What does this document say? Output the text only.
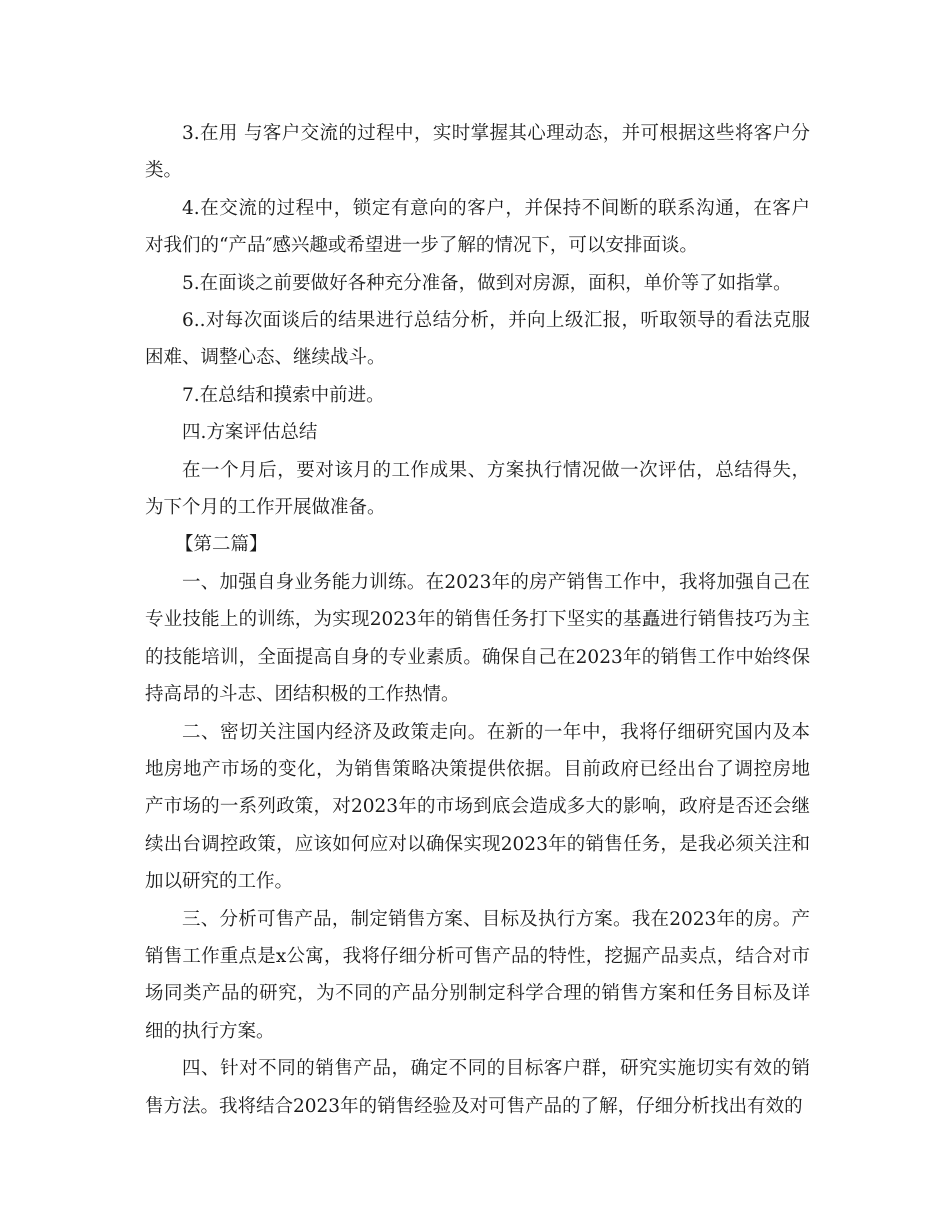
3.在用 与客户交流的过程中，实时掌握其心理动态，并可根据这些将客户分类。

4.在交流的过程中，锁定有意向的客户，并保持不间断的联系沟通，在客户对我们的“产品″感兴趣或希望进一步了解的情况下，可以安排面谈。

5.在面谈之前要做好各种充分准备，做到对房源，面积，单价等了如指掌。

6..对每次面谈后的结果进行总结分析，并向上级汇报，听取领导的看法克服困难、调整心态、继续战斗。

7.在总结和摸索中前进。

四.方案评估总结

在一个月后，要对该月的工作成果、方案执行情况做一次评估，总结得失，为下个月的工作开展做准备。

【第二篇】

一、加强自身业务能力训练。在2023年的房产销售工作中，我将加强自己在专业技能上的训练，为实现2023年的销售任务打下坚实的基矗进行销售技巧为主的技能培训，全面提高自身的专业素质。确保自己在2023年的销售工作中始终保持高昂的斗志、团结积极的工作热情。

二、密切关注国内经济及政策走向。在新的一年中，我将仔细研究国内及本地房地产市场的变化，为销售策略决策提供依据。目前政府已经出台了调控房地产市场的一系列政策，对2023年的市场到底会造成多大的影响，政府是否还会继续出台调控政策，应该如何应对以确保实现2023年的销售任务，是我必须关注和加以研究的工作。

三、分析可售产品，制定销售方案、目标及执行方案。我在2023年的房。产销售工作重点是x公寓，我将仔细分析可售产品的特性，挖掘产品卖点，结合对市场同类产品的研究，为不同的产品分别制定科学合理的销售方案和任务目标及详细的执行方案。

四、针对不同的销售产品，确定不同的目标客户群，研究实施切实有效的销售方法。我将结合2023年的销售经验及对可售产品的了解，仔细分析找出有效的
